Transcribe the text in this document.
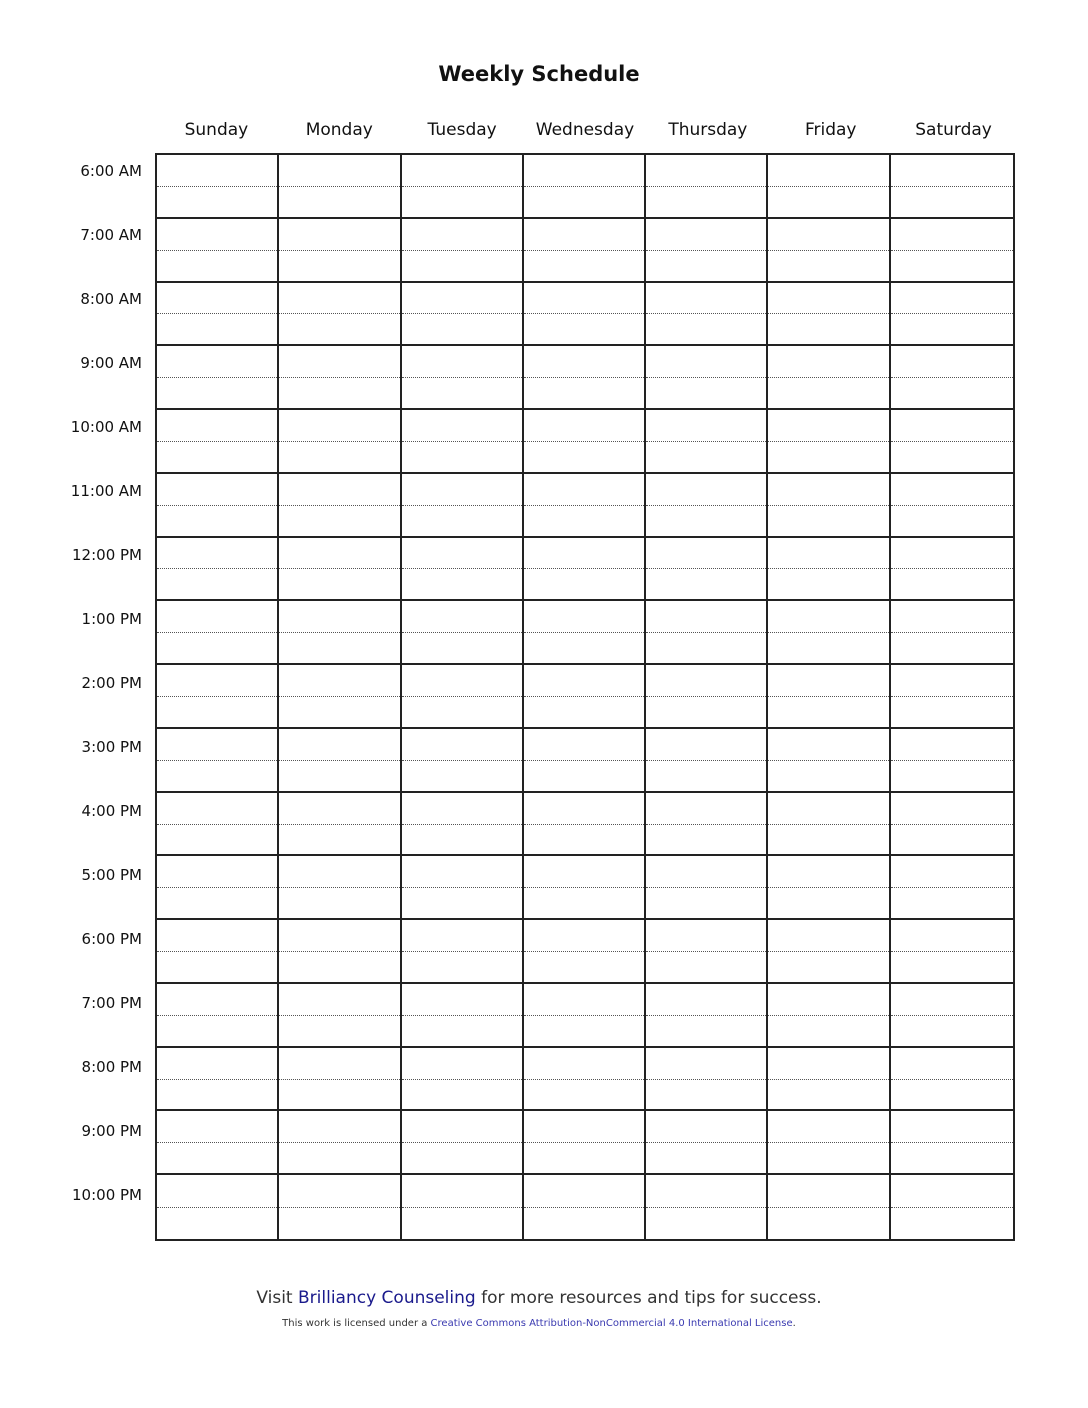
Weekly Schedule
Sunday	Monday	Tuesday	Wednesday	Thursday	Friday	Saturday
6:00 AM
7:00 AM
8:00 AM
9:00 AM
10:00 AM
11:00 AM
12:00 PM
1:00 PM
2:00 PM
3:00 PM
4:00 PM
5:00 PM
6:00 PM
7:00 PM
8:00 PM
9:00 PM
10:00 PM
Visit Brilliancy Counseling for more resources and tips for success.
This work is licensed under a Creative Commons Attribution-NonCommercial 4.0 International License.
